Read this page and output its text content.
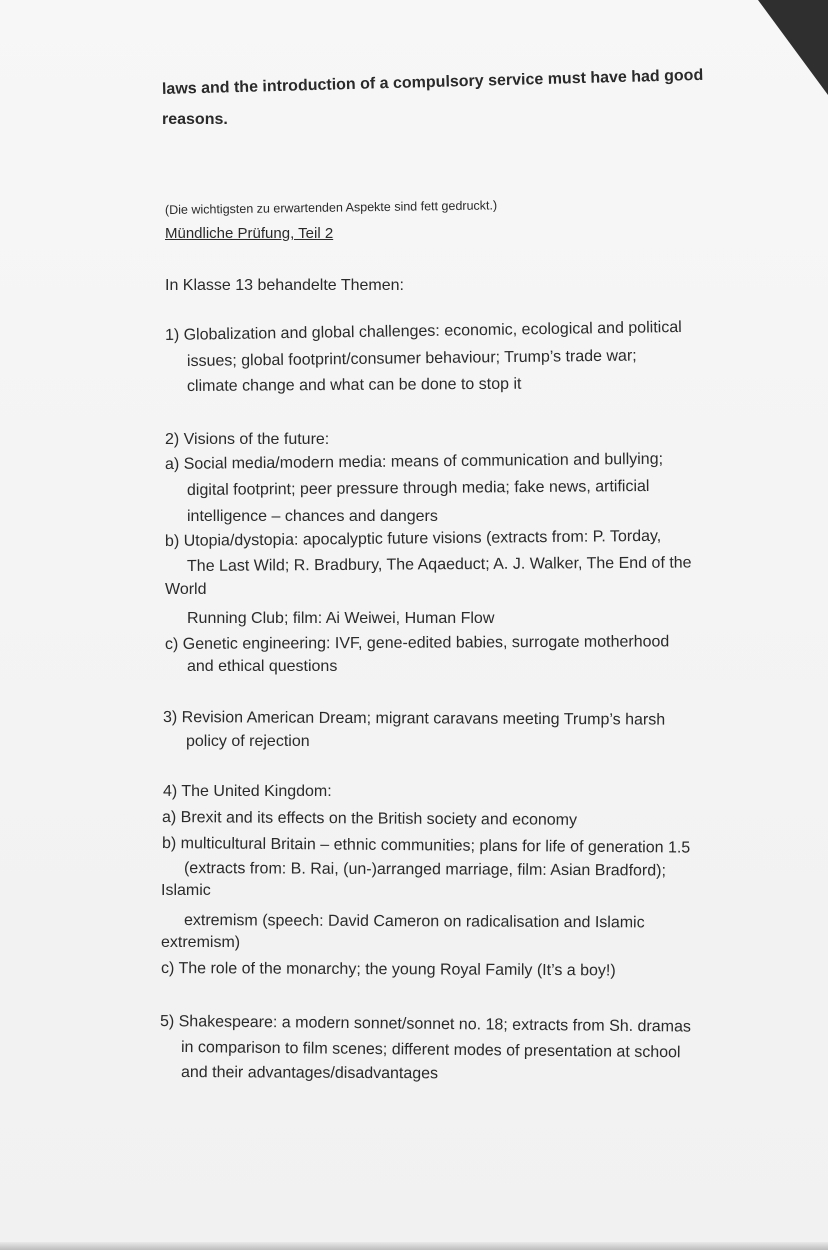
laws and the introduction of a compulsory service must have had good
reasons.
(Die wichtigsten zu erwartenden Aspekte sind fett gedruckt.)
Mündliche Prüfung, Teil 2
In Klasse 13 behandelte Themen:
1) Globalization and global challenges: economic, ecological and political
issues; global footprint/consumer behaviour; Trump’s trade war;
climate change and what can be done to stop it
2) Visions of the future:
a) Social media/modern media: means of communication and bullying;
digital footprint; peer pressure through media; fake news, artificial
intelligence – chances and dangers
b) Utopia/dystopia: apocalyptic future visions (extracts from: P. Torday,
The Last Wild; R. Bradbury, The Aqaeduct; A. J. Walker, The End of the
World
Running Club; film: Ai Weiwei, Human Flow
c) Genetic engineering: IVF, gene-edited babies, surrogate motherhood
and ethical questions
3) Revision American Dream; migrant caravans meeting Trump’s harsh
policy of rejection
4) The United Kingdom:
a) Brexit and its effects on the British society and economy
b) multicultural Britain – ethnic communities; plans for life of generation 1.5
(extracts from: B. Rai, (un-)arranged marriage, film: Asian Bradford);
Islamic
extremism (speech: David Cameron on radicalisation and Islamic
extremism)
c) The role of the monarchy; the young Royal Family (It’s a boy!)
5) Shakespeare: a modern sonnet/sonnet no. 18; extracts from Sh. dramas
in comparison to film scenes; different modes of presentation at school
and their advantages/disadvantages
